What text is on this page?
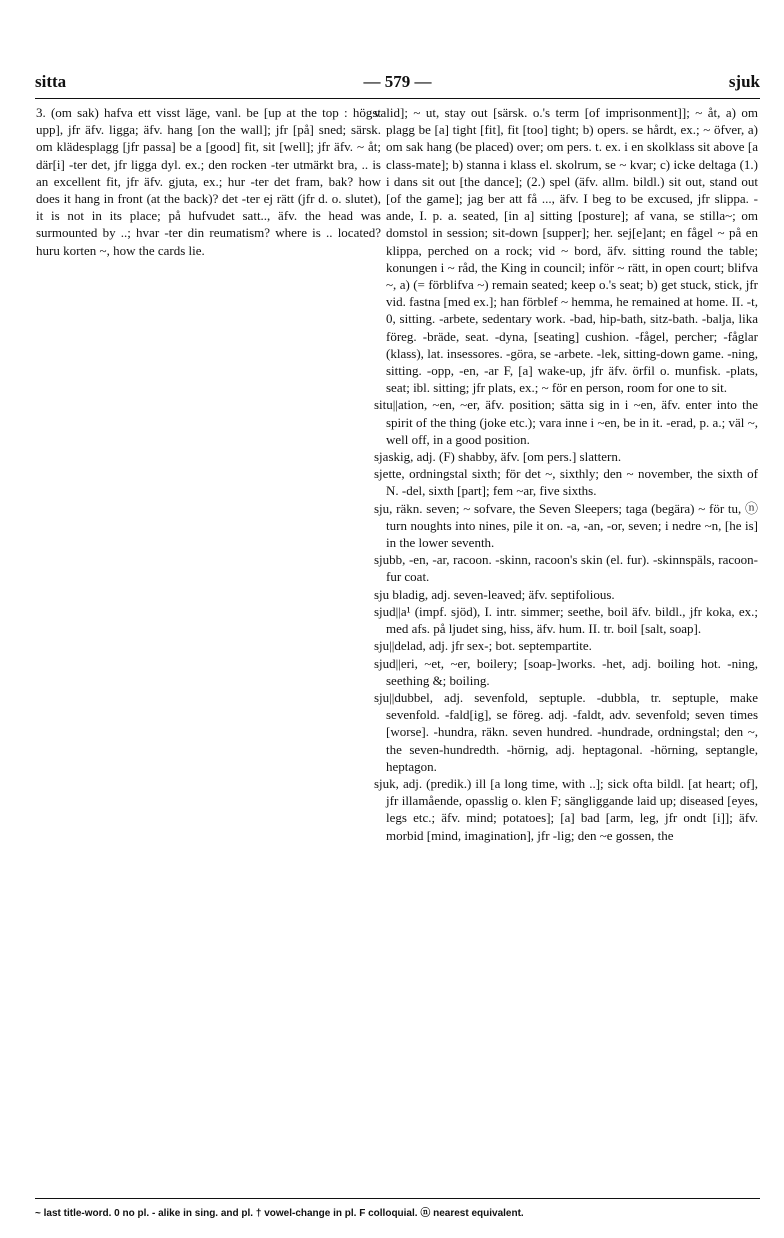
sitta	— 579 —	sjuk

3. (om sak) hafva ett visst läge, vanl. be [up at the top : högst upp], jfr äfv. ligga; äfv. hang [on the wall]; jfr [på] sned; särsk. om klädesplagg [jfr passa] be a [good] fit, sit [well]; jfr äfv. ~ åt; där[i] -ter det, jfr ligga dyl. ex.; den rocken -ter utmärkt bra, .. is an excellent fit, jfr äfv. gjuta, ex.; hur -ter det fram, bak? how does it hang in front (at the back)? det -ter ej rätt (jfr d. o. slutet), it is not in its place; på hufvudet satt.., äfv. the head was surmounted by ..; hvar -ter din reumatism? where is .. located? huru korten ~, how the cards lie.

valid]; ~ ut, stay out [särsk. o.'s term [of imprisonment]]; ~ åt, a) om plagg be [a] tight [fit], fit [too] tight; b) opers. se hårdt, ex.; ~ öfver, a) om sak hang (be placed) over; om pers. t. ex. i en skolklass sit above [a class-mate]; b) stanna i klass el. skolrum, se ~ kvar; c) icke deltaga (1.) i dans sit out [the dance]; (2.) spel (äfv. allm. bildl.) sit out, stand out [of the game]; jag ber att få ..., äfv. I beg to be excused, jfr slippa. -ande, I. p. a. seated, [in a] sitting [posture]; af vana, se stilla~; om domstol in session; sit-down [supper]; her. sej[e]ant; en fågel ~ på en klippa, perched on a rock; vid ~ bord, äfv. sitting round the table; konungen i ~ råd, the King in council; inför ~ rätt, in open court; blifva ~, a) (= förblifva ~) remain seated; keep o.'s seat; b) get stuck, stick, jfr vid. fastna [med ex.]; han förblef ~ hemma, he remained at home. II. -t, 0, sitting. -arbete, sedentary work. -bad, hip-bath, sitz-bath. -balja, lika föreg. -bräde, seat. -dyna, [seating] cushion. -fågel, percher; -fåglar (klass), lat. insessores. -göra, se -arbete. -lek, sitting-down game. -ning, sitting. -opp, -en, -ar F, [a] wake-up, jfr äfv. örfil o. munfisk. -plats, seat; ibl. sitting; jfr plats, ex.; ~ för en person, room for one to sit.

situ||ation, ~en, ~er, äfv. position; sätta sig in i ~en, äfv. enter into the spirit of the thing (joke etc.); vara inne i ~en, be in it. -erad, p. a.; väl ~, well off, in a good position.

sjaskig, adj. (F) shabby, äfv. [om pers.] slattern.

sjette, ordningstal sixth; för det ~, sixthly; den ~ november, the sixth of N. -del, sixth [part]; fem ~ar, five sixths.

sju, räkn. seven; ~ sofvare, the Seven Sleepers; taga (begära) ~ för tu, ⓝ turn noughts into nines, pile it on. -a, -an, -or, seven; i nedre ~n, [he is] in the lower seventh.

sjubb, -en, -ar, racoon. -skinn, racoon's skin (el. fur). -skinnspäls, racoon-fur coat.

sju bladig, adj. seven-leaved; äfv. septifolious.

sjud||a¹ (impf. sjöd), I. intr. simmer; seethe, boil äfv. bildl., jfr koka, ex.; med afs. på ljudet sing, hiss, äfv. hum. II. tr. boil [salt, soap].

sju||delad, adj. jfr sex-; bot. septempartite.

sjud||eri, ~et, ~er, boilery; [soap-]works. -het, adj. boiling hot. -ning, seething &; boiling.

sju||dubbel, adj. sevenfold, septuple. -dubbla, tr. septuple, make sevenfold. -fald[ig], se föreg. adj. -faldt, adv. sevenfold; seven times [worse]. -hundra, räkn. seven hundred. -hundrade, ordningstal; den ~, the seven-hundredth. -hörnig, adj. heptagonal. -hörning, septangle, heptagon.

sjuk, adj. (predik.) ill [a long time, with ..]; sick ofta bildl. [at heart; of], jfr illamående, opasslig o. klen F; sängliggande laid up; diseased [eyes, legs etc.; äfv. mind; potatoes]; [a] bad [arm, leg, jfr ondt [i]]; äfv. morbid [mind, imagination], jfr -lig; den ~e gossen, the

~ last title-word. 0 no pl. - alike in sing. and pl. † vowel-change in pl. F colloquial. ⓝ nearest equivalent.
